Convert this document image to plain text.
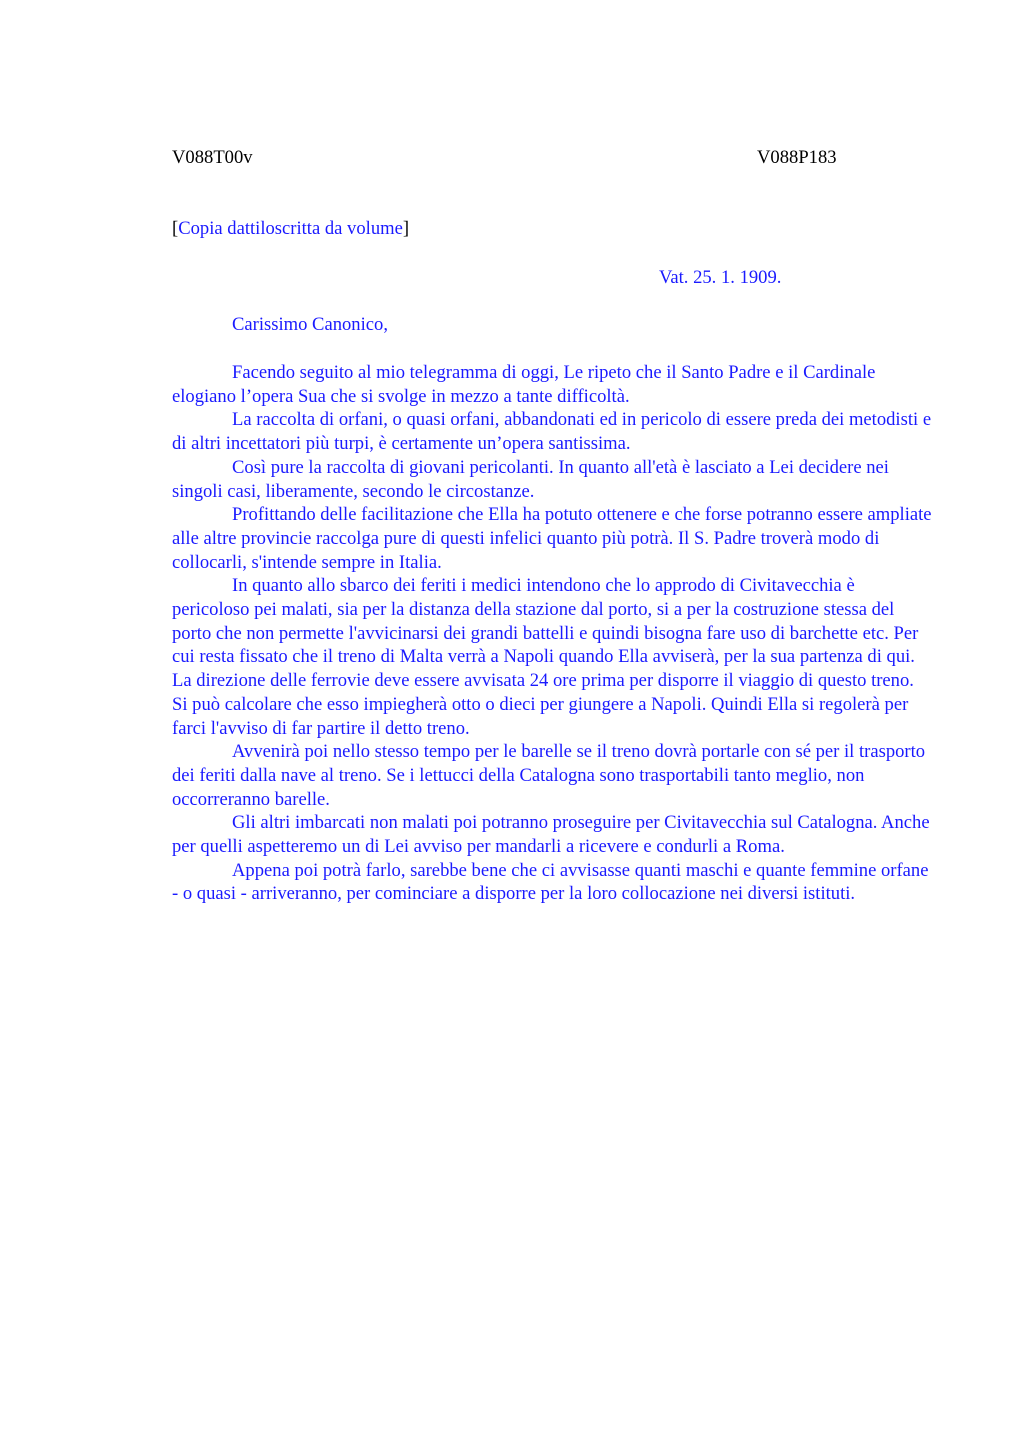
V088T00v	V088P183
[Copia dattiloscritta da volume]
Vat. 25. 1. 1909.
Carissimo Canonico,

Facendo seguito al mio telegramma di oggi, Le ripeto che il Santo Padre e il Cardinale elogiano l’opera Sua che si svolge in mezzo a tante difficoltà.

La raccolta di orfani, o quasi orfani, abbandonati ed in pericolo di essere preda dei metodisti e di altri incettatori più turpi, è certamente un’opera santissima.

Così pure la raccolta di giovani pericolanti. In quanto all'età è lasciato a Lei decidere nei singoli casi, liberamente, secondo le circostanze.

Profittando delle facilitazione che Ella ha potuto ottenere e che forse potranno essere ampliate alle altre provincie raccolga pure di questi infelici quanto più potrà. Il S. Padre troverà modo di collocarli, s'intende sempre in Italia.

In quanto allo sbarco dei feriti i medici intendono che lo approdo di Civitavecchia è pericoloso pei malati, sia per la distanza della stazione dal porto, si a per la costruzione stessa del porto che non permette l'avvicinarsi dei grandi battelli e quindi bisogna fare uso di barchette etc. Per cui resta fissato che il treno di Malta verrà a Napoli quando Ella avviserà, per la sua partenza di qui. La direzione delle ferrovie deve essere avvisata 24 ore prima per disporre il viaggio di questo treno. Si può calcolare che esso impiegherà otto o dieci per giungere a Napoli. Quindi Ella si regolerà per farci l'avviso di far partire il detto treno.

Avvenirà poi nello stesso tempo per le barelle se il treno dovrà portarle con sé per il trasporto dei feriti dalla nave al treno. Se i lettucci della Catalogna sono trasportabili tanto meglio, non occorreranno barelle.

Gli altri imbarcati non malati poi potranno proseguire per Civitavecchia sul Catalogna. Anche per quelli aspetteremo un di Lei avviso per mandarli a ricevere e condurli a Roma.

Appena poi potrà farlo, sarebbe bene che ci avvisasse quanti maschi e quante femmine orfane - o quasi - arriveranno, per cominciare a disporre per la loro collocazione nei diversi istituti.
